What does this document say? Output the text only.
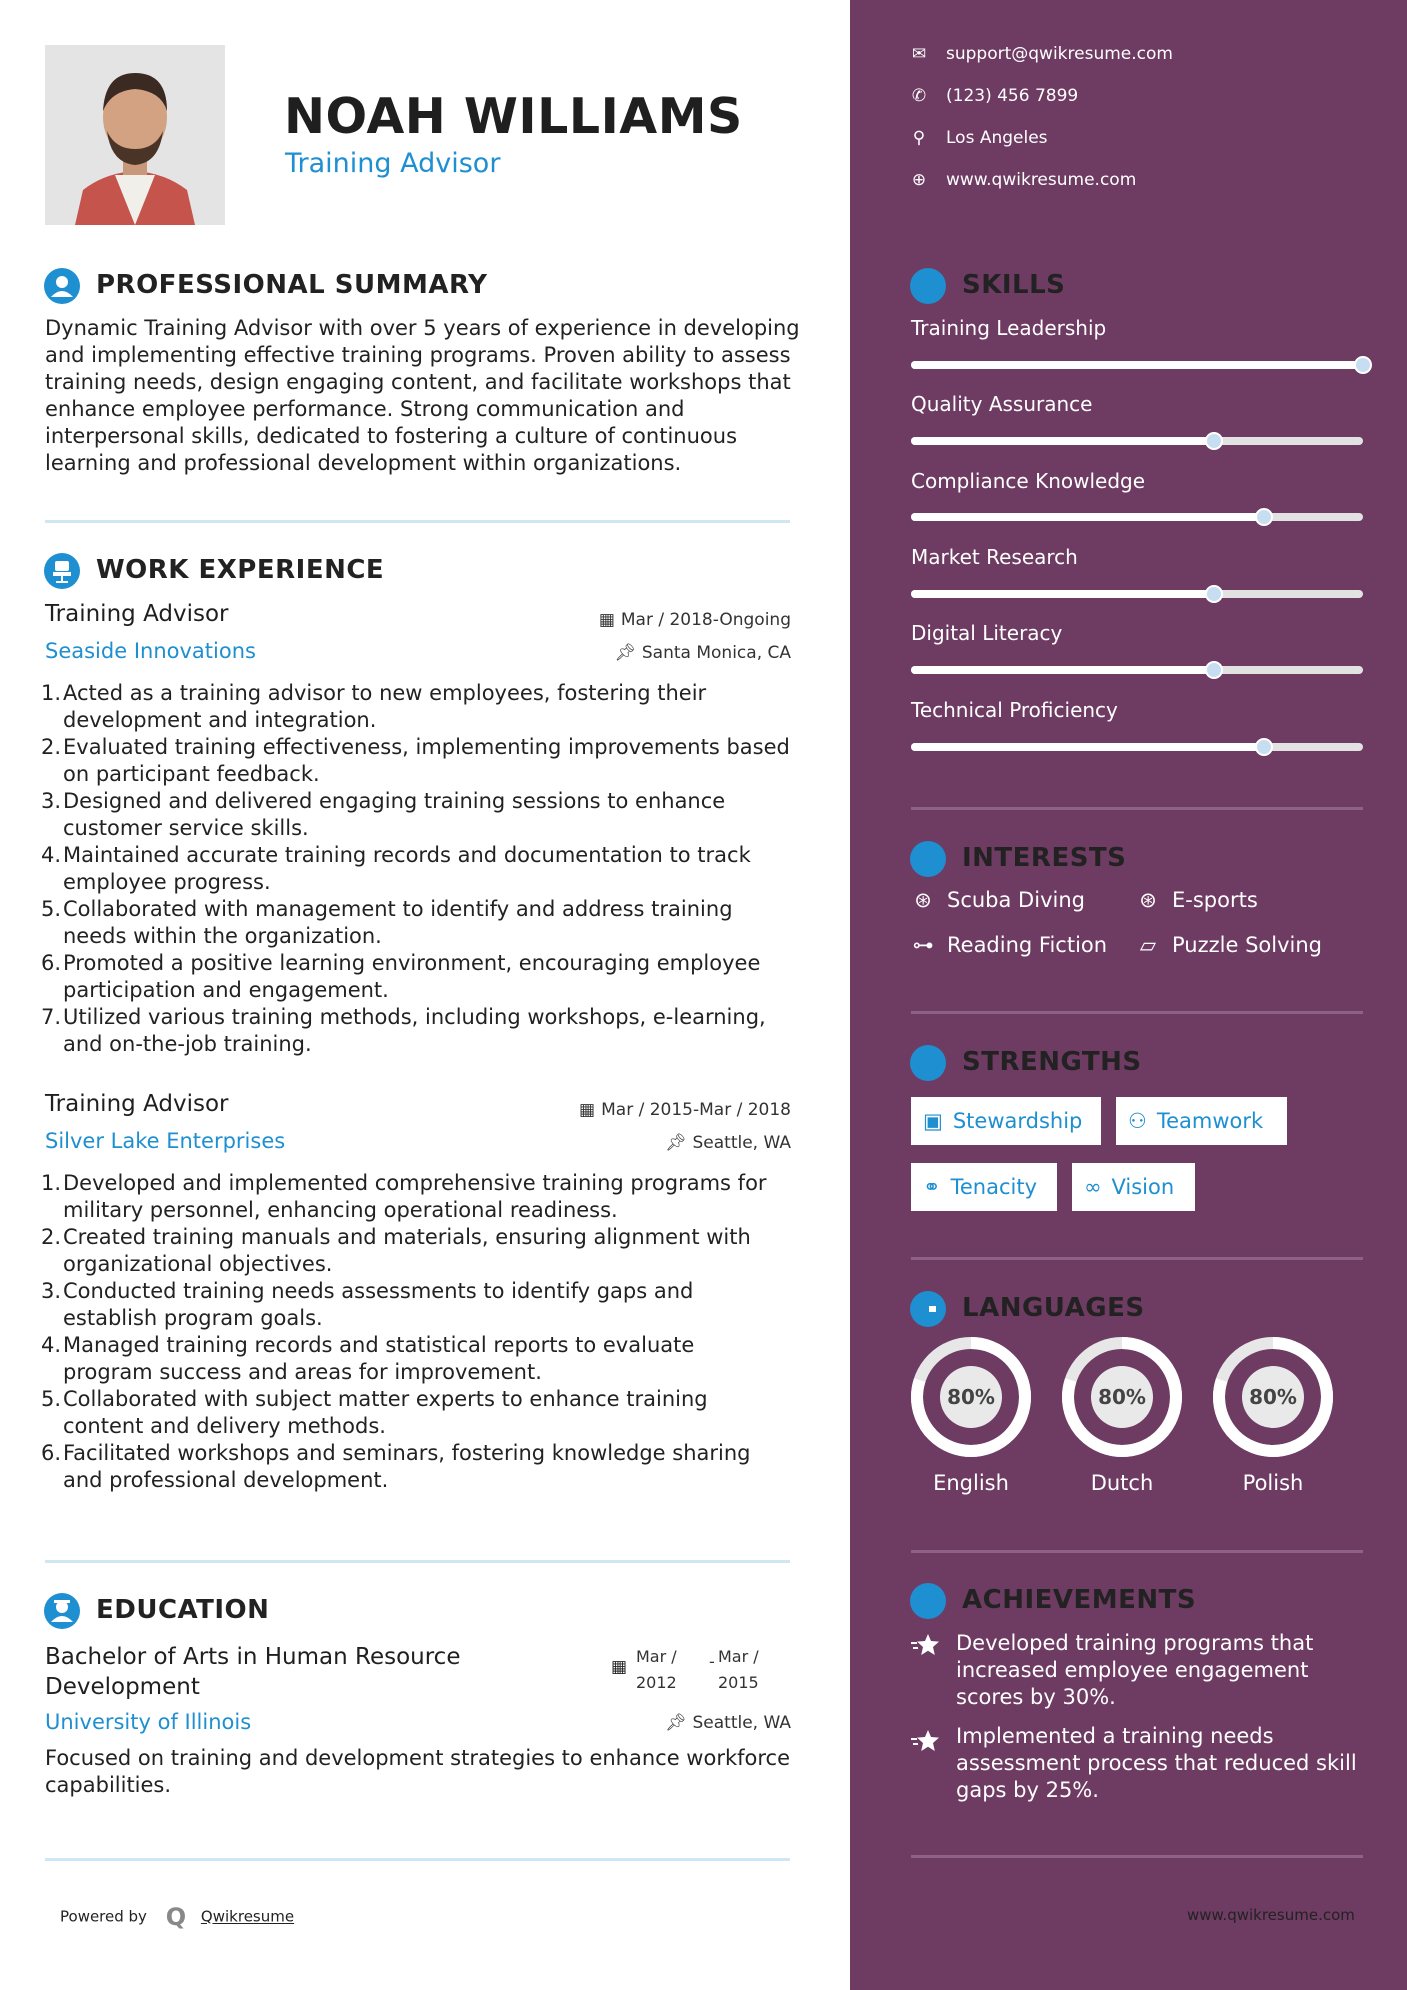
NOAH WILLIAMS
Training Advisor
✉ support@qwikresume.com
✆ (123) 456 7899
⚲ Los Angeles
⊕ www.qwikresume.com
PROFESSIONAL SUMMARY
Dynamic Training Advisor with over 5 years of experience in developing
and implementing effective training programs. Proven ability to assess
training needs, design engaging content, and facilitate workshops that
enhance employee performance. Strong communication and
interpersonal skills, dedicated to fostering a culture of continuous
learning and professional development within organizations.
WORK EXPERIENCE
Training Advisor
Seaside Innovations
▦ Mar / 2018-Ongoing
📌︎ Santa Monica, CA
1. Acted as a training advisor to new employees, fostering their
development and integration.
2. Evaluated training effectiveness, implementing improvements based
on participant feedback.
3. Designed and delivered engaging training sessions to enhance
customer service skills.
4. Maintained accurate training records and documentation to track
employee progress.
5. Collaborated with management to identify and address training
needs within the organization.
6. Promoted a positive learning environment, encouraging employee
participation and engagement.
7. Utilized various training methods, including workshops, e-learning,
and on-the-job training.
Training Advisor
Silver Lake Enterprises
▦ Mar / 2015-Mar / 2018
📌︎ Seattle, WA
1. Developed and implemented comprehensive training programs for
military personnel, enhancing operational readiness.
2. Created training manuals and materials, ensuring alignment with
organizational objectives.
3. Conducted training needs assessments to identify gaps and
establish program goals.
4. Managed training records and statistical reports to evaluate
program success and areas for improvement.
5. Collaborated with subject matter experts to enhance training
content and delivery methods.
6. Facilitated workshops and seminars, fostering knowledge sharing
and professional development.
EDUCATION
Bachelor of Arts in Human Resource
Development
▦
Mar /
2012
- Mar /
2015
University of Illinois	📌︎ Seattle, WA
Focused on training and development strategies to enhance workforce
capabilities.
Powered by Q Qwikresume	www.qwikresume.com
SKILLS
Training Leadership
Quality Assurance
Compliance Knowledge
Market Research
Digital Literacy
Technical Proficiency
INTERESTS
⊛ Scuba Diving	⊛ E-sports
⊶ Reading Fiction ▱ Puzzle Solving
STRENGTHS
▣ Stewardship	⚇ Teamwork
⚭ Tenacity	∞ Vision
LANGUAGES
80%
English
80%
Dutch
80%
Polish
ACHIEVEMENTS
Developed training programs that
increased employee engagement
scores by 30%.
Implemented a training needs
assessment process that reduced skill
gaps by 25%.
